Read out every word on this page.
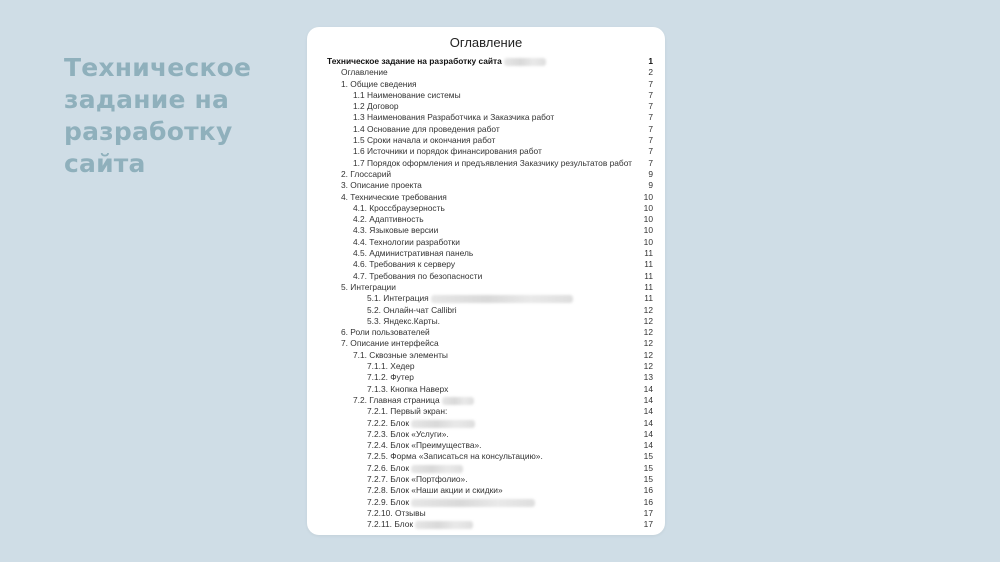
Техническое задание на разработку сайта
Оглавление
Техническое задание на разработку сайта	1
Оглавление	2
1. Общие сведения	7
1.1 Наименование системы	7
1.2 Договор	7
1.3 Наименования Разработчика и Заказчика работ	7
1.4 Основание для проведения работ	7
1.5 Сроки начала и окончания работ	7
1.6 Источники и порядок финансирования работ	7
1.7 Порядок оформления и предъявления Заказчику результатов работ 7
2. Глоссарий	9
3. Описание проекта	9
4. Технические требования	10
4.1. Кроссбраузерность	10
4.2. Адаптивность	10
4.3. Языковые версии	10
4.4. Технологии разработки	10
4.5. Административная панель	11
4.6. Требования к серверу	11
4.7. Требования по безопасности	11
5. Интеграции	11
5.1. Интеграция	11
5.2. Онлайн-чат Callibri	12
5.3. Яндекс.Карты.	12
6. Роли пользователей	12
7. Описание интерфейса	12
7.1. Сквозные элементы	12
7.1.1. Хедер	12
7.1.2. Футер	13
7.1.3. Кнопка Наверх	14
7.2. Главная страница	14
7.2.1. Первый экран:	14
7.2.2. Блок	14
7.2.3. Блок «Услуги».	14
7.2.4. Блок «Преимущества».	14
7.2.5. Форма «Записаться на консультацию».	15
7.2.6. Блок	15
7.2.7. Блок «Портфолио».	15
7.2.8. Блок «Наши акции и скидки»	16
7.2.9. Блок	16
7.2.10. Отзывы	17
7.2.11. Блок	17
